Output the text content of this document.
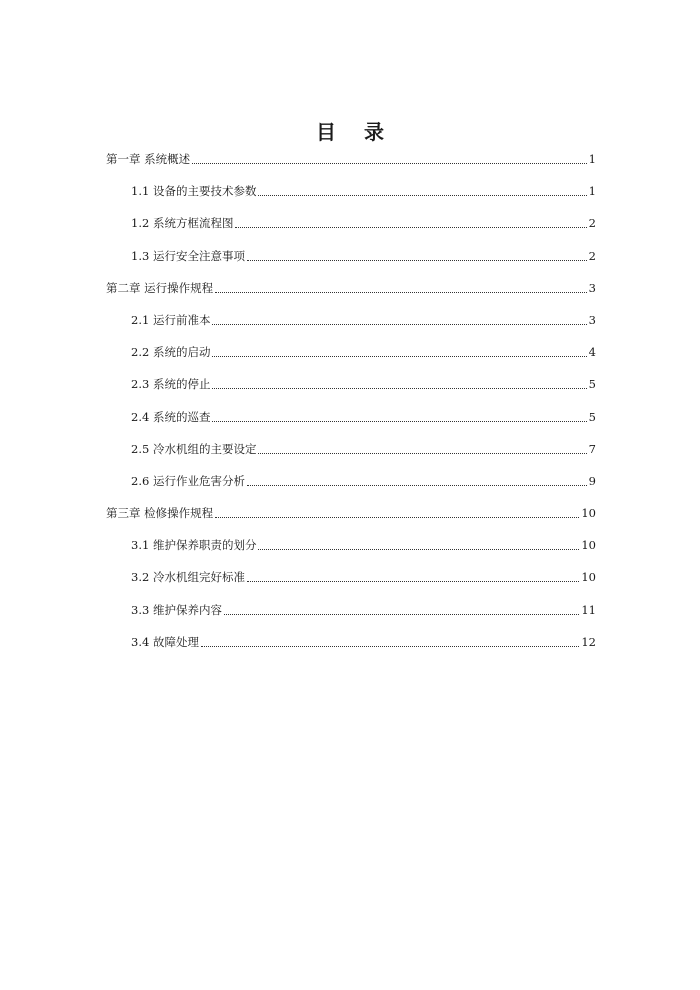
目 录
第一章 系统概述	1
1.1 设备的主要技术参数	1
1.2 系统方框流程图	2
1.3 运行安全注意事项	2
第二章 运行操作规程	3
2.1 运行前准本	3
2.2 系统的启动	4
2.3 系统的停止	5
2.4 系统的巡查	5
2.5 冷水机组的主要设定	7
2.6 运行作业危害分析	9
第三章 检修操作规程	10
3.1 维护保养职责的划分	10
3.2 冷水机组完好标准	10
3.3 维护保养内容	11
3.4 故障处理	12
